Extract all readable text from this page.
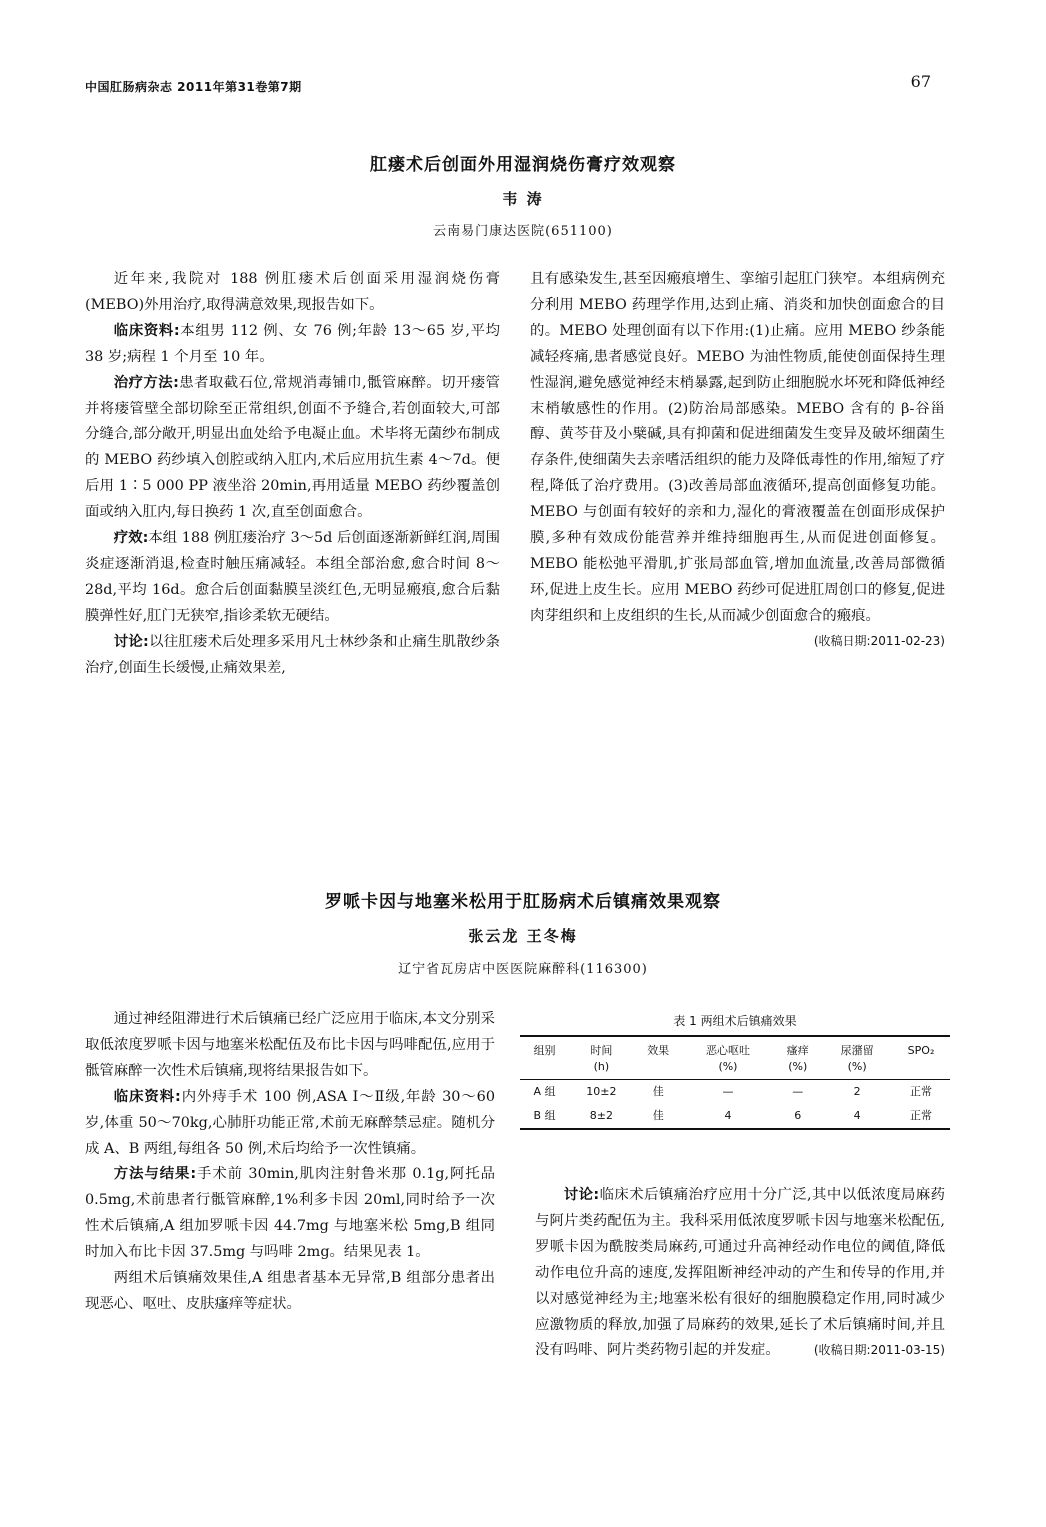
中国肛肠病杂志 2011年第31卷第7期	67
肛瘘术后创面外用湿润烧伤膏疗效观察
韦 涛
云南易门康达医院(651100)

近年来,我院对 188 例肛瘘术后创面采用湿润烧伤膏(MEBO)外用治疗,取得满意效果,现报告如下。

临床资料:本组男 112 例、女 76 例;年龄 13～65 岁,平均 38 岁;病程 1 个月至 10 年。

治疗方法:患者取截石位,常规消毒铺巾,骶管麻醉。切开瘘管并将瘘管壁全部切除至正常组织,创面不予缝合,若创面较大,可部分缝合,部分敞开,明显出血处给予电凝止血。术毕将无菌纱布制成的 MEBO 药纱填入创腔或纳入肛内,术后应用抗生素 4～7d。便后用 1∶5 000 PP 液坐浴 20min,再用适量 MEBO 药纱覆盖创面或纳入肛内,每日换药 1 次,直至创面愈合。

疗效:本组 188 例肛瘘治疗 3～5d 后创面逐渐新鲜红润,周围炎症逐渐消退,检查时触压痛减轻。本组全部治愈,愈合时间 8～28d,平均 16d。愈合后创面黏膜呈淡红色,无明显瘢痕,愈合后黏膜弹性好,肛门无狭窄,指诊柔软无硬结。

讨论:以往肛瘘术后处理多采用凡士林纱条和止痛生肌散纱条治疗,创面生长缓慢,止痛效果差,

且有感染发生,甚至因瘢痕增生、挛缩引起肛门狭窄。本组病例充分利用 MEBO 药理学作用,达到止痛、消炎和加快创面愈合的目的。MEBO 处理创面有以下作用:(1)止痛。应用 MEBO 纱条能减轻疼痛,患者感觉良好。MEBO 为油性物质,能使创面保持生理性湿润,避免感觉神经末梢暴露,起到防止细胞脱水坏死和降低神经末梢敏感性的作用。(2)防治局部感染。MEBO 含有的 β-谷甾醇、黄芩苷及小檗碱,具有抑菌和促进细菌发生变异及破坏细菌生存条件,使细菌失去亲嗜活组织的能力及降低毒性的作用,缩短了疗程,降低了治疗费用。(3)改善局部血液循环,提高创面修复功能。MEBO 与创面有较好的亲和力,湿化的膏液覆盖在创面形成保护膜,多种有效成份能营养并维持细胞再生,从而促进创面修复。MEBO 能松弛平滑肌,扩张局部血管,增加血流量,改善局部微循环,促进上皮生长。应用 MEBO 药纱可促进肛周创口的修复,促进肉芽组织和上皮组织的生长,从而减少创面愈合的瘢痕。

(收稿日期:2011-02-23)
罗哌卡因与地塞米松用于肛肠病术后镇痛效果观察
张云龙 王冬梅
辽宁省瓦房店中医医院麻醉科(116300)

通过神经阻滞进行术后镇痛已经广泛应用于临床,本文分别采取低浓度罗哌卡因与地塞米松配伍及布比卡因与吗啡配伍,应用于骶管麻醉一次性术后镇痛,现将结果报告如下。

临床资料:内外痔手术 100 例,ASA Ⅰ～Ⅱ级,年龄 30～60 岁,体重 50～70kg,心肺肝功能正常,术前无麻醉禁忌症。随机分成 A、B 两组,每组各 50 例,术后均给予一次性镇痛。

方法与结果:手术前 30min,肌肉注射鲁米那 0.1g,阿托品 0.5mg,术前患者行骶管麻醉,1%利多卡因 20ml,同时给予一次性术后镇痛,A 组加罗哌卡因 44.7mg 与地塞米松 5mg,B 组同时加入布比卡因 37.5mg 与吗啡 2mg。结果见表 1。

两组术后镇痛效果佳,A 组患者基本无异常,B 组部分患者出现恶心、呕吐、皮肤瘙痒等症状。

表 1 两组术后镇痛效果
组别	时间	效果	恶心呕吐	瘙痒	尿潴留	SPO₂
	(h)		(%)	(%)	(%)	
A 组	10±2	佳	—	—	2	正常
B 组	8±2	佳	4	6	4	正常

讨论:临床术后镇痛治疗应用十分广泛,其中以低浓度局麻药与阿片类药配伍为主。我科采用低浓度罗哌卡因与地塞米松配伍,罗哌卡因为酰胺类局麻药,可通过升高神经动作电位的阈值,降低动作电位升高的速度,发挥阻断神经冲动的产生和传导的作用,并以对感觉神经为主;地塞米松有很好的细胞膜稳定作用,同时减少应激物质的释放,加强了局麻药的效果,延长了术后镇痛时间,并且没有吗啡、阿片类药物引起的并发症。	(收稿日期:2011-03-15)
